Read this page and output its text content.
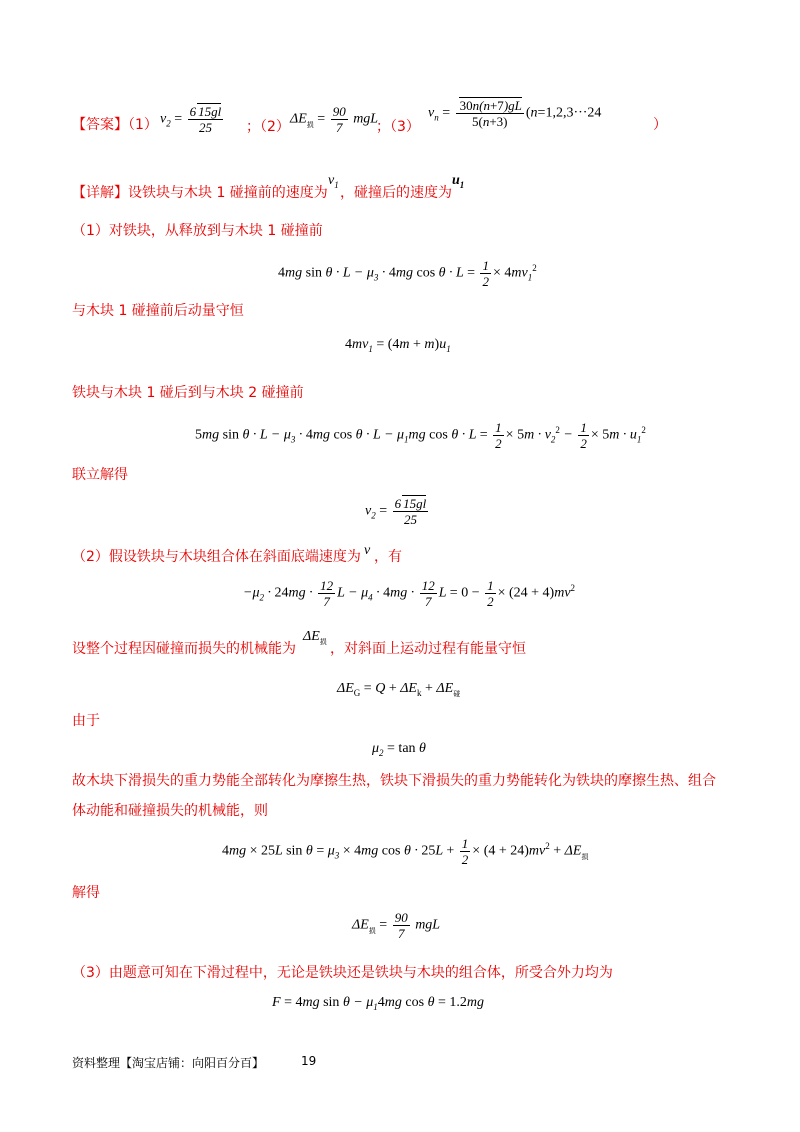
【答案】（1） $v_2 = \frac{6 15gl}{25}$ ；（2） $\Delta E_损 = \frac{90}{7}$ mgL
；（3）
$v_n = \frac{30n(n+7)gL}{5(n+3)} (n=1,2,3\cdot\cdot\cdot 24$
）
【详解】设铁块与木块 1 碰撞前的速度为
$v_1$
，碰撞后的速度为
$u_1$
（1）对铁块，从释放到与木块 1 碰撞前
4mg $\sin \theta \cdot L - \mu_3 \cdot 4mg$ $\cos \theta \cdot L = \frac{1}{2} \times 4mv_1^2$
与木块 1 碰撞前后动量守恒
$4mv_1 = (4m + m)u_1$
铁块与木块 1 碰后到与木块 2 碰撞前
5mg $\sin \theta \cdot L - \mu_3 \cdot 4mg$ $\cos \theta \cdot L - \mu_1mg$ $\cos \theta \cdot L = \frac{1}{2} \times 5m \cdot v_2^2 - \frac{1}{2} \times 5m \cdot u_1^2$
联立解得
$v_2 = \frac{6 15gl}{25}$
（2）假设铁块与木块组合体在斜面底端速度为 v ，有
$-\mu_2 \cdot 24mg \cdot \frac{12}{7}$ $L - \mu_4 \cdot 4mg \cdot \frac{12}{7}$ $L = 0 - \frac{1}{2} \times (24 + 4)mv^2$
设整个过程因碰撞而损失的机械能为
$\Delta E_损$ ，对斜面上运动过程有能量守恒
$\Delta E_G = Q + \Delta E_k + \Delta E_碰$
由于
$\mu_2 = \tan \theta$
故木块下滑损失的重力势能全部转化为摩擦生热，铁块下滑损失的重力势能转化为铁块的摩擦生热、组合
体动能和碰撞损失的机械能，则
4mg × 25L $\sin \theta = \mu_3 \times 4mg$ $\cos \theta \cdot 25L + \frac{1}{2} \times (4 + 24)mv^2 + \Delta E_损$
解得
$\Delta E_损 = \frac{90}{7}$ mgL
（3）由题意可知在下滑过程中，无论是铁块还是铁块与木块的组合体，所受合外力均为
F = 4mg $\sin \theta - \mu_14mg$ cos θ = 1.2mg
资料整理【淘宝店铺：向阳百分百】	19
